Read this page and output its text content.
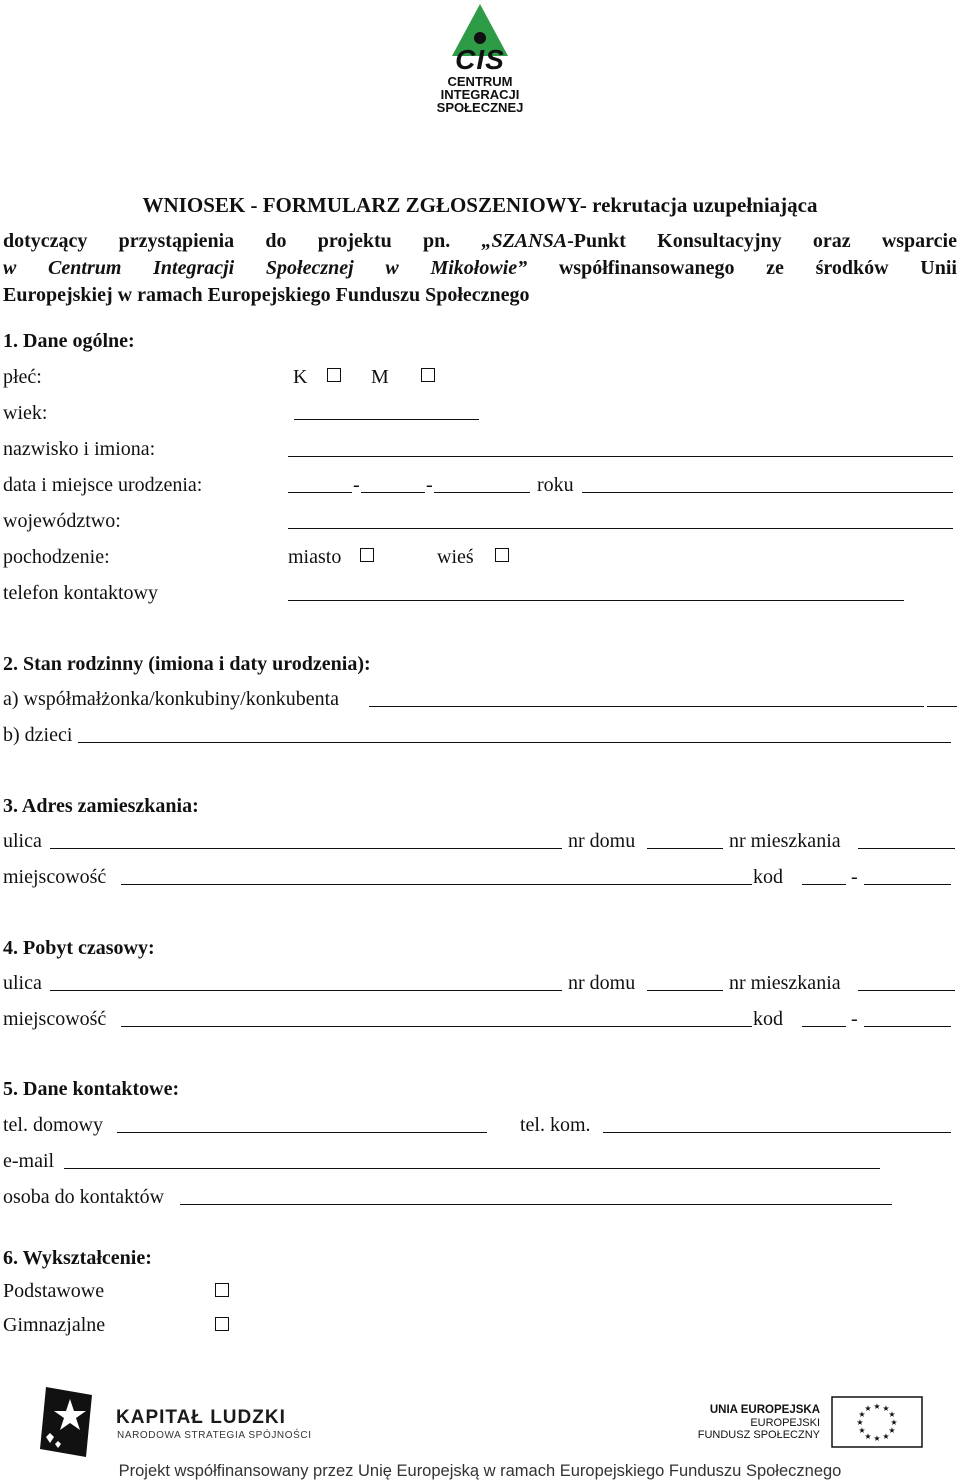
CIS
CENTRUM
INTEGRACJI
SPOŁECZNEJ
WNIOSEK - FORMULARZ ZGŁOSZENIOWY- rekrutacja uzupełniająca
dotyczący przystąpienia do projektu pn. „SZANSA-Punkt Konsultacyjny oraz wsparcie
w Centrum Integracji Społecznej w Mikołowie” współfinansowanego ze środków Unii
Europejskiej w ramach Europejskiego Funduszu Społecznego
1. Dane ogólne:
płeć:	K	M
wiek:
nazwisko i imiona:
data i miejsce urodzenia:	-	-	roku
województwo:
pochodzenie:	miasto	wieś
telefon kontaktowy
2. Stan rodzinny (imiona i daty urodzenia):
a) współmałżonka/konkubiny/konkubenta
b) dzieci
3. Adres zamieszkania:
ulica	nr domu	nr mieszkania
miejscowość	kod	-
4. Pobyt czasowy:
ulica	nr domu	nr mieszkania
miejscowość	kod	-
5. Dane kontaktowe:
tel. domowy	tel. kom.
e-mail
osoba do kontaktów
6. Wykształcenie:
Podstawowe
Gimnazjalne
KAPITAŁ LUDZKI
NARODOWA STRATEGIA SPÓJNOŚCI
UNIA EUROPEJSKA
EUROPEJSKI
FUNDUSZ SPOŁECZNY
★ ★
★
★
★
★
★
★
★
★
★
★
Projekt współfinansowany przez Unię Europejską w ramach Europejskiego Funduszu Społecznego
